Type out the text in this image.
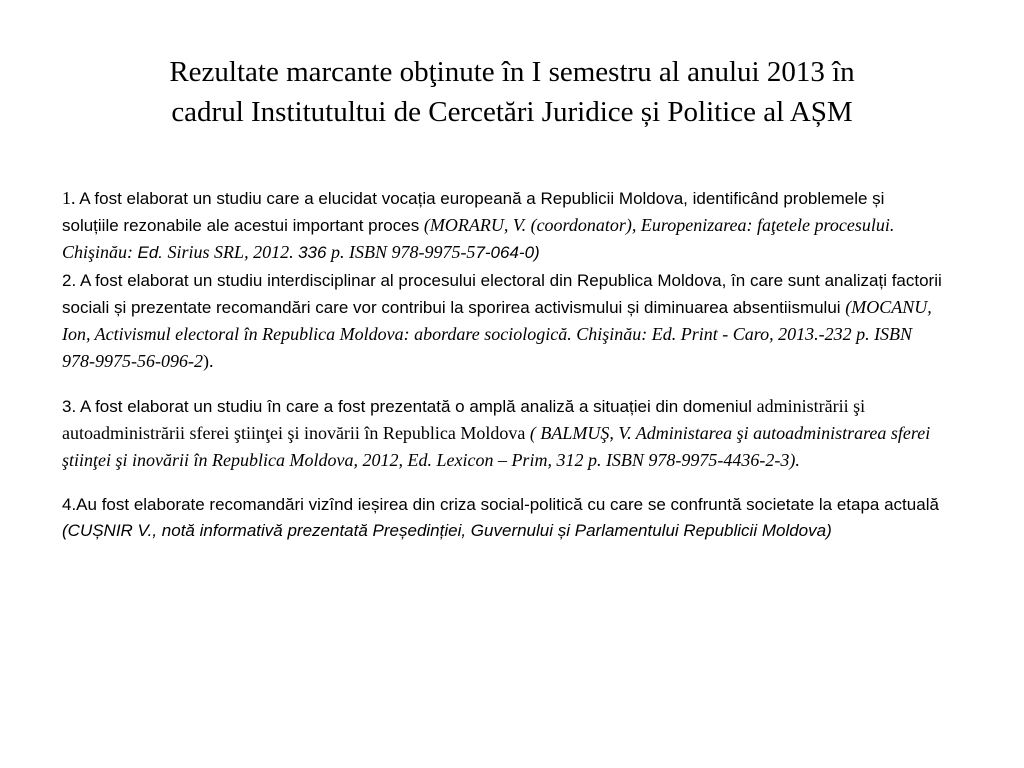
Rezultate marcante obţinute în I semestru al anului 2013 în
cadrul Institutultui de Cercetări Juridice și Politice al AȘM

1. A fost elaborat un studiu care a elucidat vocația europeană a Republicii Moldova, identificând problemele și soluțiile rezonabile ale acestui important proces (MORARU, V. (coordonator), Europenizarea: faţetele procesului. Chişinău: Ed. Sirius SRL, 2012. 336 p. ISBN 978-9975-57-064-0)

2. A fost elaborat un studiu interdisciplinar al procesului electoral din Republica Moldova, în care sunt analizați factorii sociali și prezentate recomandări care vor contribui la sporirea activismului și diminuarea absentiismului (MOCANU, Ion, Activismul electoral în Republica Moldova: abordare sociologică. Chişinău: Ed. Print - Caro, 2013.-232 p. ISBN 978-9975-56-096-2).

3. A fost elaborat un studiu în care a fost prezentată o amplă analiză a situației din domeniul administrării şi autoadministrării sferei ştiinţei şi inovării în Republica Moldova ( BALMUŞ, V. Administarea şi autoadministrarea sferei ştiinţei şi inovării în Republica Moldova, 2012, Ed. Lexicon – Prim, 312 p. ISBN 978-9975-4436-2-3).

4.Au fost elaborate recomandări vizînd ieșirea din criza social-politică cu care se confruntă societate la etapa actuală (CUȘNIR V., notă informativă prezentată Președinției, Guvernului și Parlamentului Republicii Moldova)
